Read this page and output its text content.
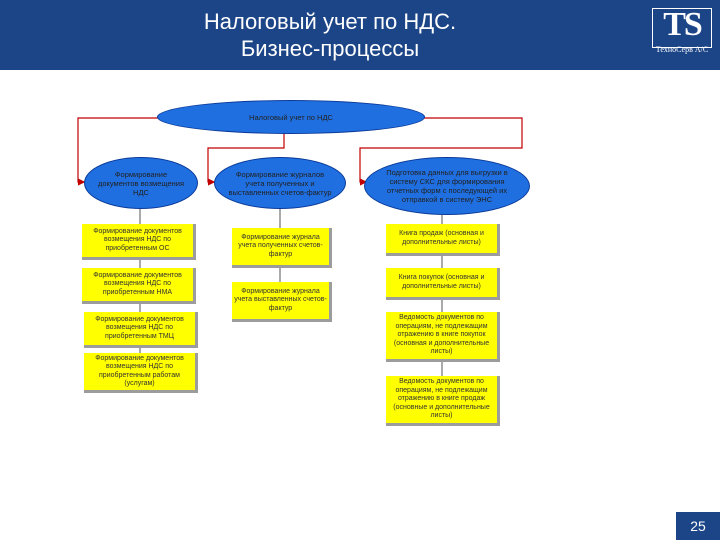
Налоговый учет по НДС.
Бизнес-процессы
TS
ТехноСерв А/С
Налоговый учет по НДС
Формирование документов возмещения НДС
Формирование журналов учета полученных и выставленных счетов-фактур
Подготовка данных для выгрузки в систему СКС для формирования отчетных форм с последующей их отправкой в систему ЭНС
Формирование документов возмещения НДС по приобретенным ОС
Формирование документов возмещения НДС по приобретенным НМА
Формирование документов возмещения НДС по приобретенным ТМЦ
Формирование документов возмещения НДС по приобретенным работам (услугам)
Формирование журнала учета полученных счетов-фактур
Формирование журнала учета выставленных счетов-фактур
Книга продаж (основная и дополнительные листы)
Книга покупок (основная и дополнительные листы)
Ведомость документов по операциям, не подлежащим отражению в книге покупок (основная и дополнительные листы)
Ведомость документов по операциям, не подлежащим отражению в книге продаж (основные и дополнительные листы)
25
